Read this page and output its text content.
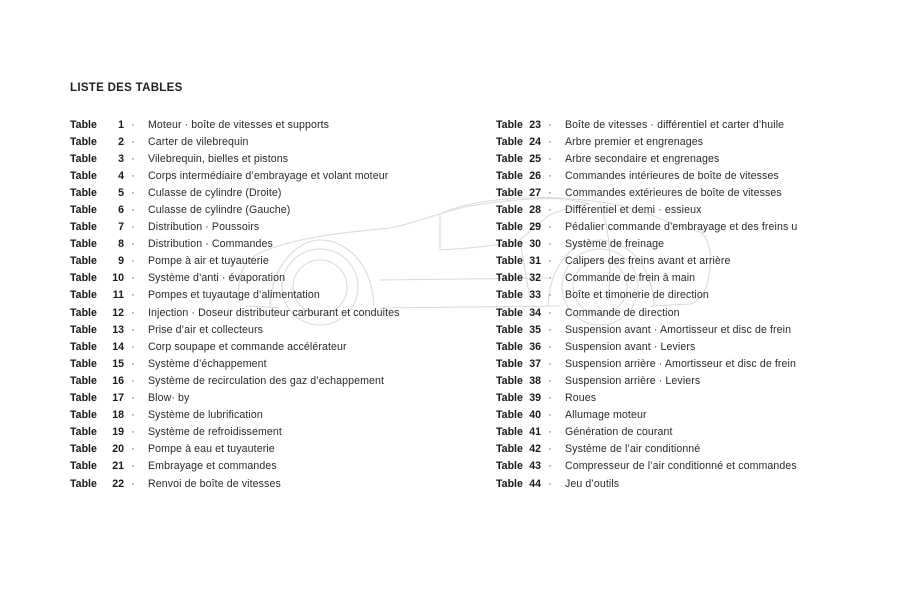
LISTE DES TABLES
Table	1 ·	Moteur · boîte de vitesses et supports
Table	2 ·	Carter de vilebrequin
Table	3 ·	Vilebrequin, bielles et pistons
Table	4 ·	Corps intermédiaire d’embrayage et volant moteur
Table	5 ·	Culasse de cylindre (Droite)
Table	6 ·	Culasse de cylindre (Gauche)
Table	7 ·	Distribution · Poussoirs
Table	8 ·	Distribution · Commandes
Table	9 ·	Pompe à air et tuyauterie
Table	10 ·	Système d’anti · évaporation
Table	11 ·	Pompes et tuyautage d’alimentation
Table	12 ·	Injection · Doseur distributeur carburant et conduites
Table	13 ·	Prise d’air et collecteurs
Table	14 ·	Corp soupape et commande accélérateur
Table	15 ·	Système d’échappement
Table	16 ·	Système de recirculation des gaz d’echappement
Table	17 ·	Blow· by
Table	18 ·	Système de lubrification
Table	19 ·	Système de refroidissement
Table	20 ·	Pompe à eau et tuyauterie
Table	21 ·	Embrayage et commandes
Table	22 ·	Renvoi de boîte de vitesses
Table 23 ·	Boîte de vitesses · différentiel et carter d’huile
Table 24 ·	Arbre premier et engrenages
Table 25 ·	Arbre secondaire et engrenages
Table 26 ·	Commandes intérieures de boîte de vitesses
Table 27 ·	Commandes extérieures de boîte de vitesses
Table 28 ·	Différentiel et demi · essieux
Table 29 ·	Pédalier commande d’embrayage et des freins u
Table 30 ·	Système de freinage
Table 31 ·	Calipers des freins avant et arrière
Table 32 ·	Commande de frein à main
Table 33 ·	Boîte et timonerie de direction
Table 34 ·	Commande de direction
Table 35 ·	Suspension avant · Amortisseur et disc de frein
Table 36 ·	Suspension avant · Leviers
Table 37 ·	Suspension arrière · Amortisseur et disc de frein
Table 38 ·	Suspension arrière · Leviers
Table 39 ·	Roues
Table 40 ·	Allumage moteur
Table 41 ·	Génération de courant
Table 42 ·	Système de l’air conditionné
Table 43 ·	Compresseur de l’air conditionné et commandes
Table 44 ·	Jeu d’outils
